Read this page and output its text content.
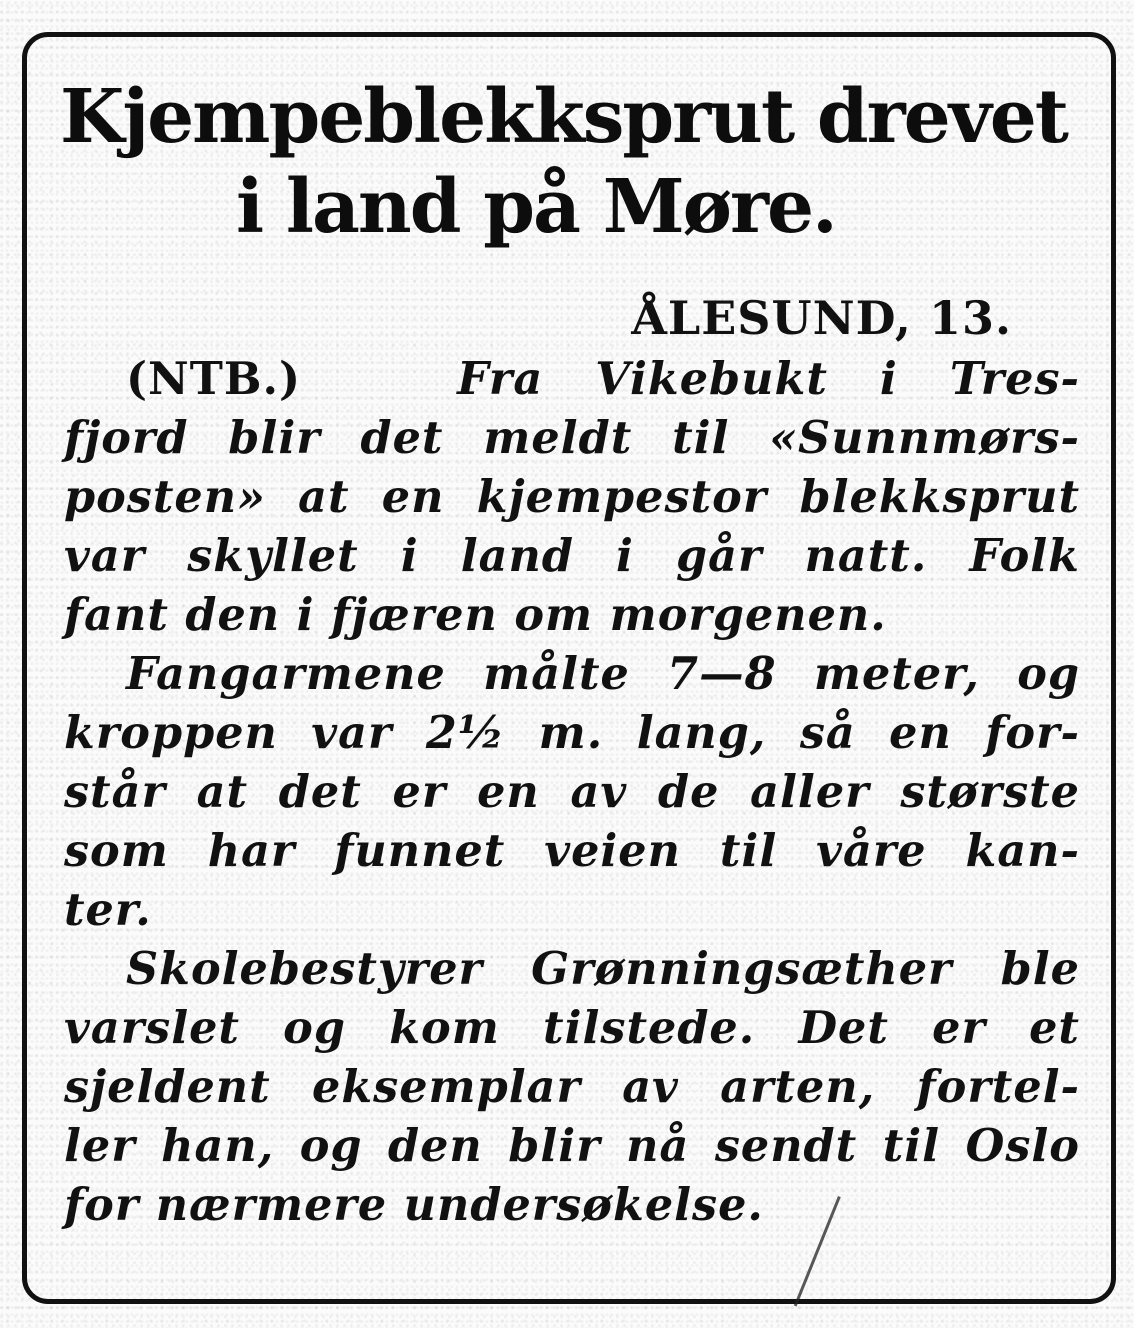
Kjempeblekksprut drevet
i land på Møre.
ÅLESUND, 13.

(NTB.)	Fra Vikebukt i Tres-
fjord blir det meldt til «Sunnmørs-
posten» at en kjempestor blekksprut
var skyllet i land i går natt. Folk
fant den i fjæren om morgenen.

Fangarmene målte 7—8 meter, og
kroppen var 2½ m. lang, så en for-
står at det er en av de aller største
som har funnet veien til våre kan-
ter.

Skolebestyrer Grønningsæther ble
varslet og kom tilstede. Det er et
sjeldent eksemplar av arten, fortel-
ler han, og den blir nå sendt til Oslo
for nærmere undersøkelse.
